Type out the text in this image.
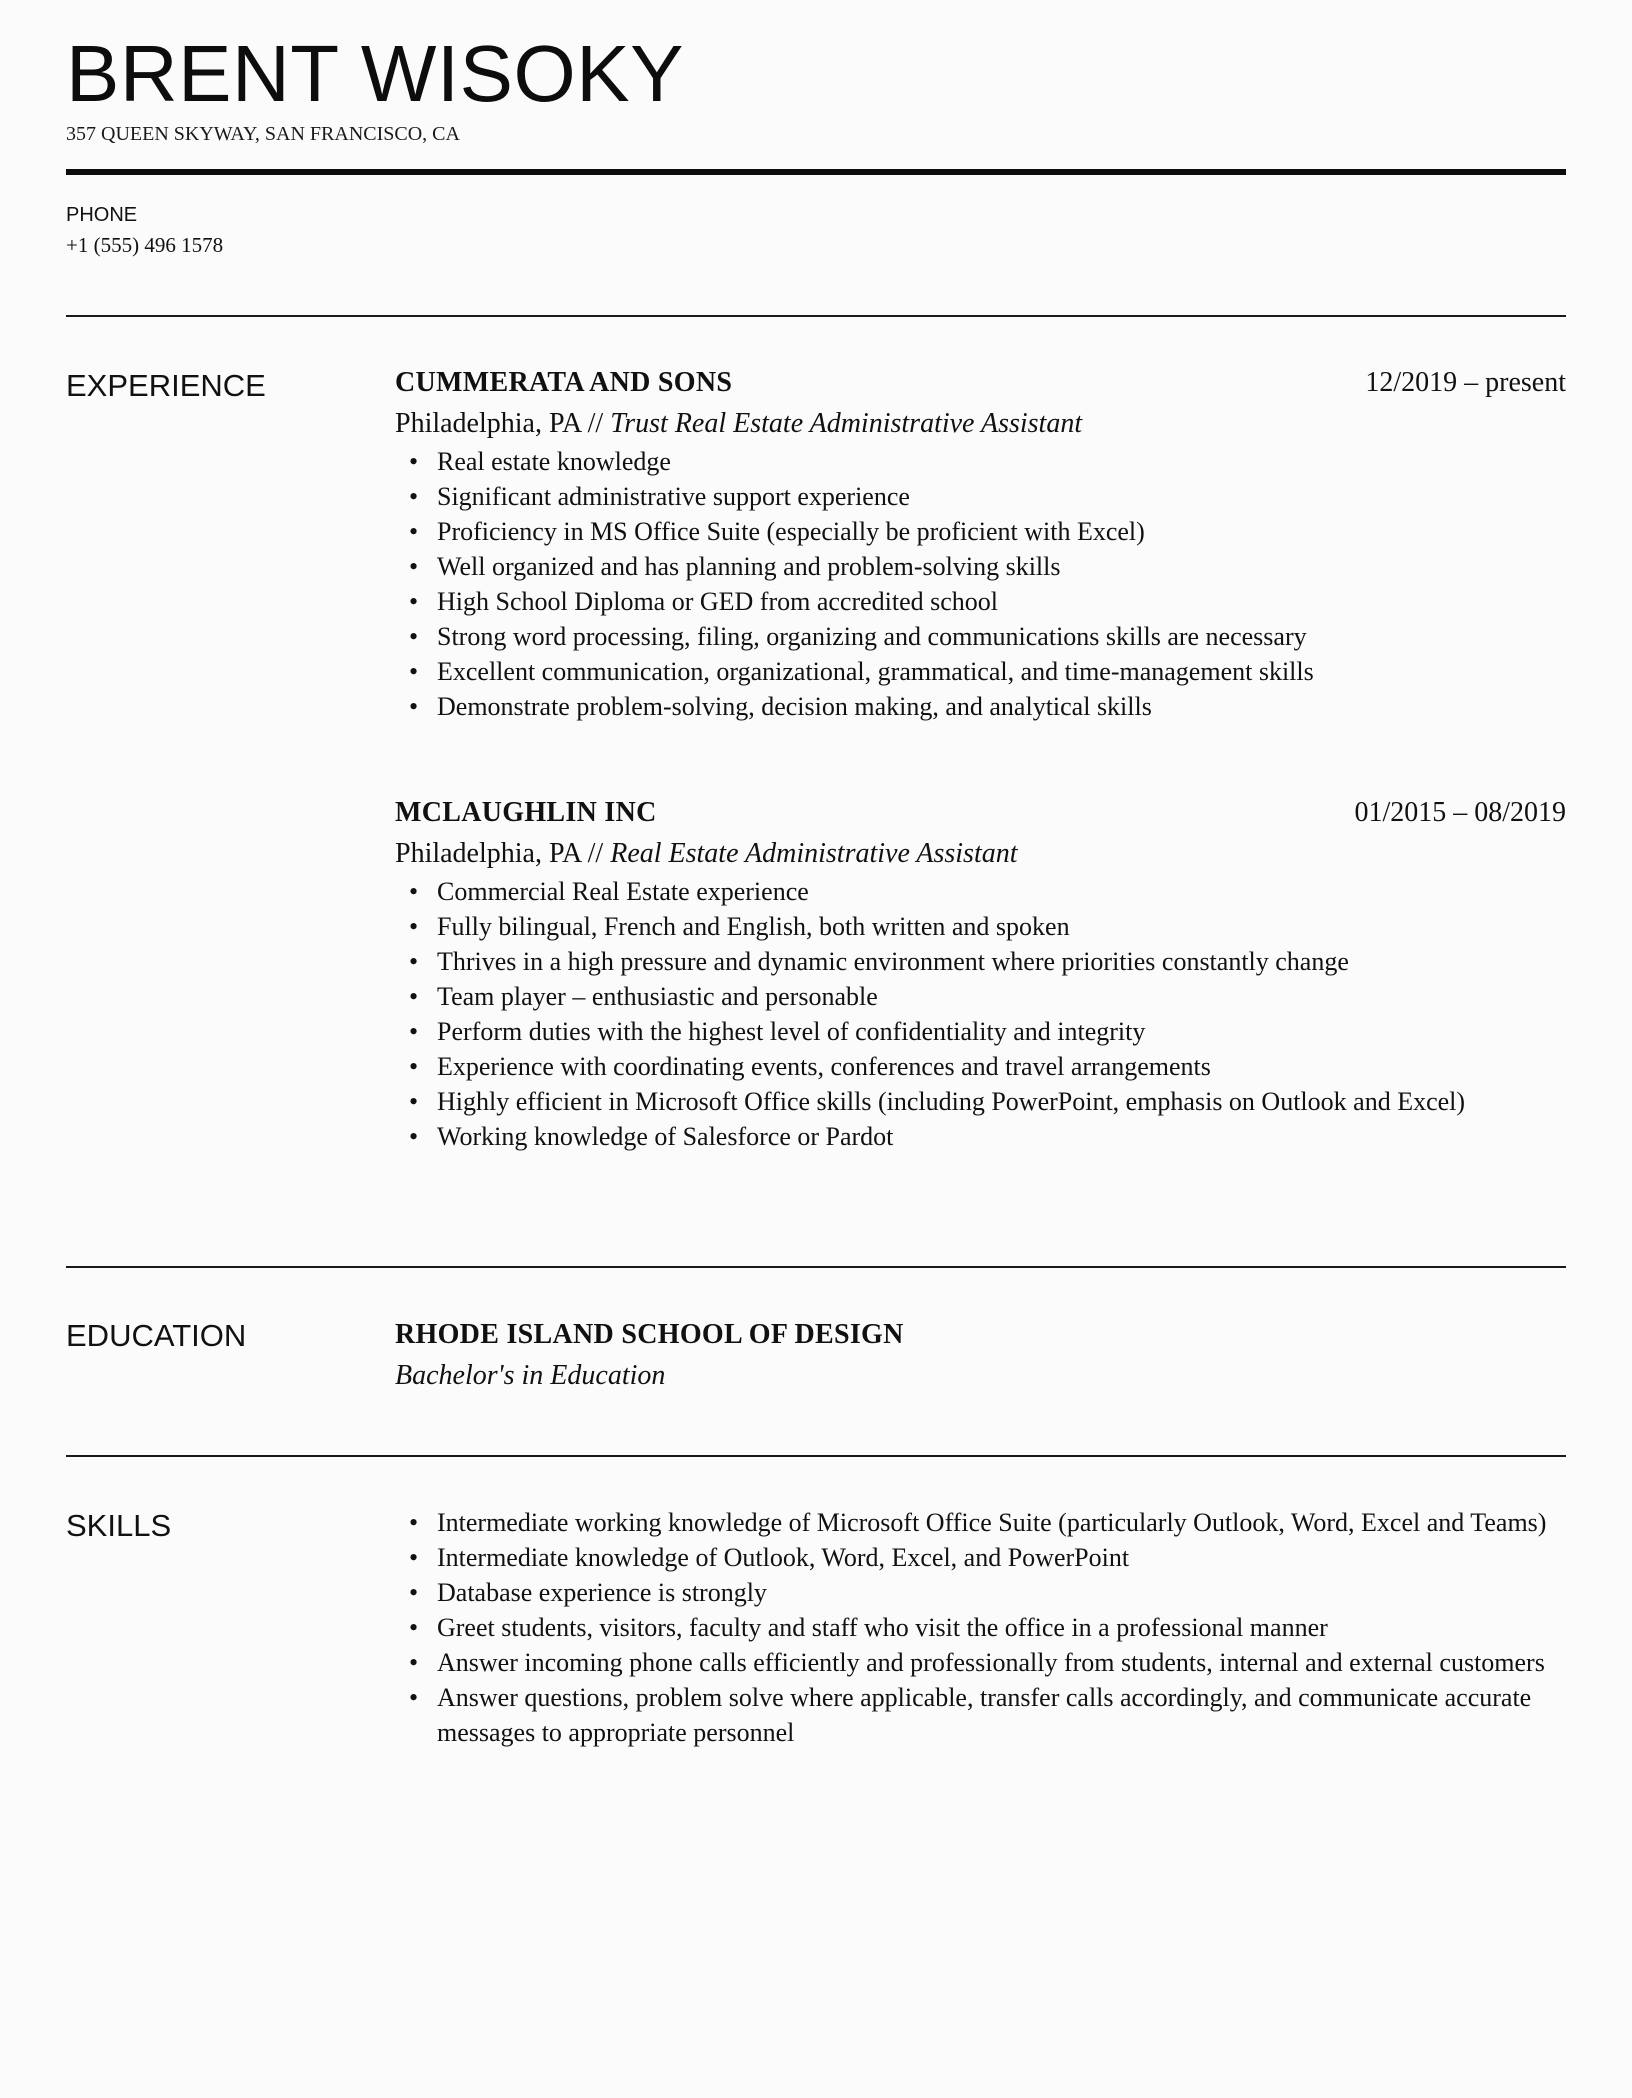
BRENT WISOKY
357 QUEEN SKYWAY, SAN FRANCISCO, CA
PHONE
+1 (555) 496 1578
EXPERIENCE	CUMMERATA AND SONS	12/2019 – present
Philadelphia, PA // Trust Real Estate Administrative Assistant
• Real estate knowledge
• Significant administrative support experience
• Proficiency in MS Office Suite (especially be proficient with Excel)
• Well organized and has planning and problem-solving skills
• High School Diploma or GED from accredited school
• Strong word processing, filing, organizing and communications skills are necessary
• Excellent communication, organizational, grammatical, and time-management skills
• Demonstrate problem-solving, decision making, and analytical skills
MCLAUGHLIN INC	01/2015 – 08/2019
Philadelphia, PA // Real Estate Administrative Assistant
• Commercial Real Estate experience
• Fully bilingual, French and English, both written and spoken
• Thrives in a high pressure and dynamic environment where priorities constantly change
• Team player – enthusiastic and personable
• Perform duties with the highest level of confidentiality and integrity
• Experience with coordinating events, conferences and travel arrangements
• Highly efficient in Microsoft Office skills (including PowerPoint, emphasis on Outlook and Excel)
• Working knowledge of Salesforce or Pardot
EDUCATION	RHODE ISLAND SCHOOL OF DESIGN
Bachelor's in Education
SKILLS	• Intermediate working knowledge of Microsoft Office Suite (particularly Outlook, Word, Excel and Teams)
• Intermediate knowledge of Outlook, Word, Excel, and PowerPoint
• Database experience is strongly
• Greet students, visitors, faculty and staff who visit the office in a professional manner
• Answer incoming phone calls efficiently and professionally from students, internal and external customers
• Answer questions, problem solve where applicable, transfer calls accordingly, and communicate accurate messages to appropriate personnel
